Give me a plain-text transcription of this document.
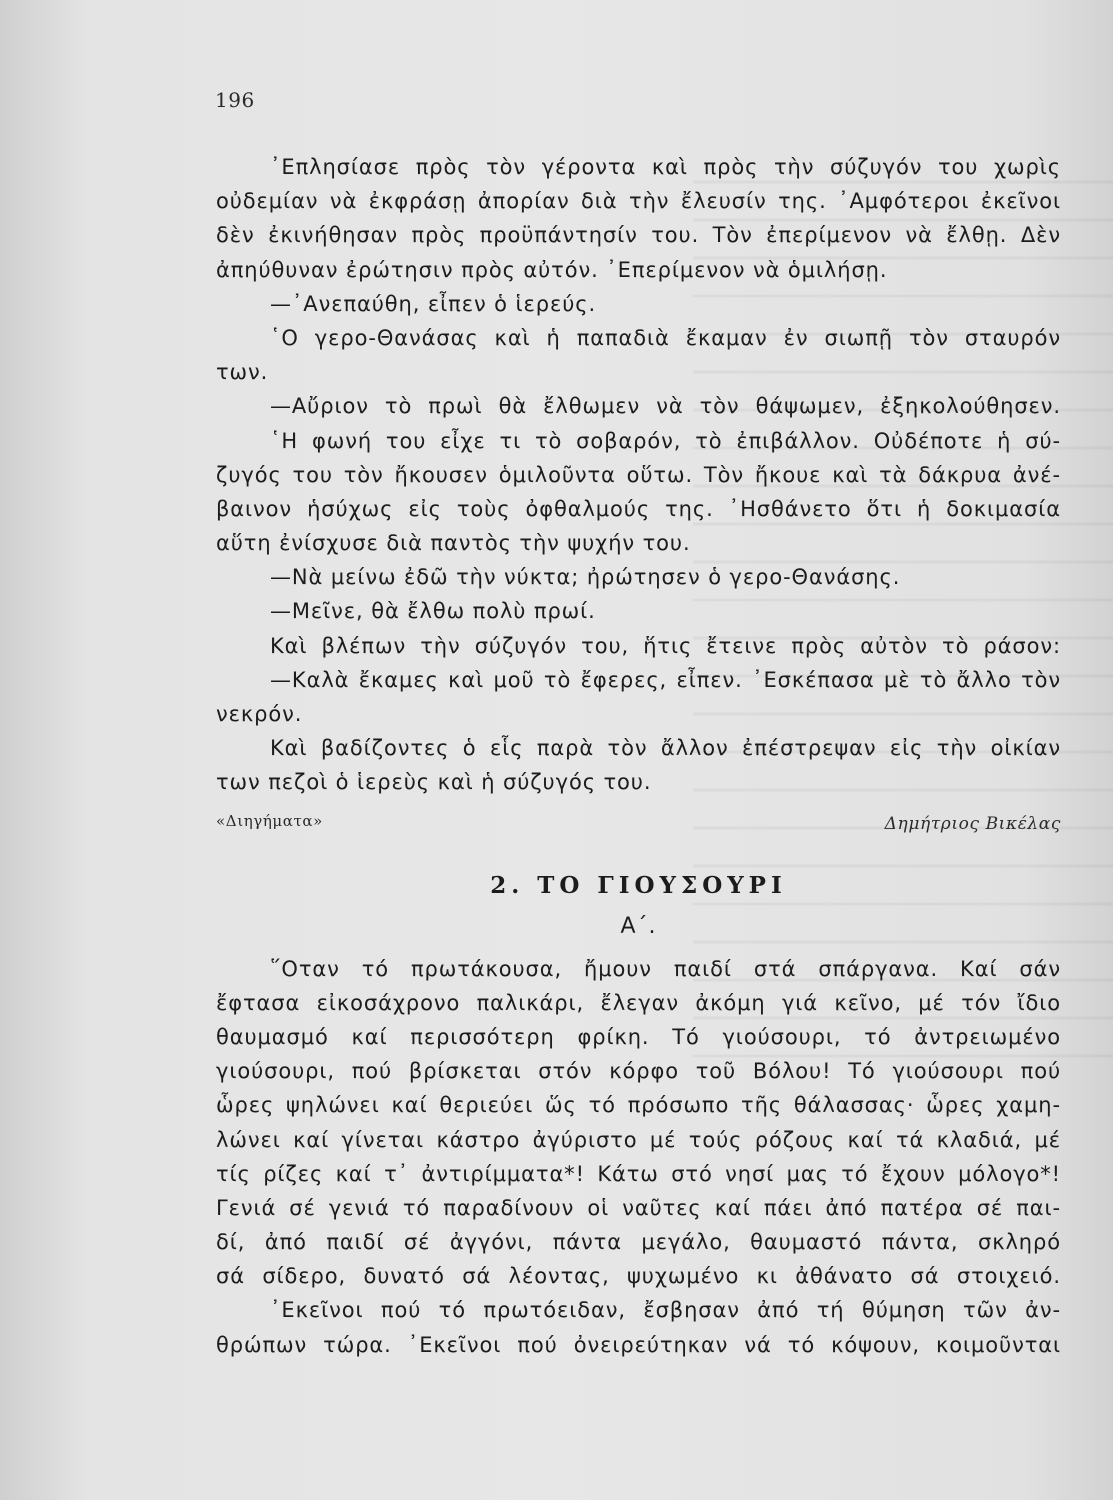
196
᾿Επλησίασε πρὸς τὸν γέροντα καὶ πρὸς τὴν σύζυγόν του χωρὶς
οὐδεμίαν νὰ ἐκφράσῃ ἀπορίαν διὰ τὴν ἔλευσίν της. ᾿Αμφότεροι ἐκεῖνοι
δὲν ἐκινήθησαν πρὸς προϋπάντησίν του. Τὸν ἐπερίμενον νὰ ἔλθῃ. Δὲν
ἀπηύθυναν ἐρώτησιν πρὸς αὐτόν. ᾿Επερίμενον νὰ ὁμιλήσῃ.
—᾿Ανεπαύθη, εἶπεν ὁ ἱερεύς.
῾Ο γερο-Θανάσας καὶ ἡ παπαδιὰ ἔκαμαν ἐν σιωπῇ τὸν σταυρόν
των.
—Αὔριον τὸ πρωὶ θὰ ἔλθωμεν νὰ τὸν θάψωμεν, ἐξηκολούθησεν.
῾Η φωνή του εἶχε τι τὸ σοβαρόν, τὸ ἐπιβάλλον. Οὐδέποτε ἡ σύ-
ζυγός του τὸν ἤκουσεν ὁμιλοῦντα οὕτω. Τὸν ἤκουε καὶ τὰ δάκρυα ἀνέ-
βαινον ἡσύχως εἰς τοὺς ὀφθαλμούς της. ᾿Ησθάνετο ὅτι ἡ δοκιμασία
αὕτη ἐνίσχυσε διὰ παντὸς τὴν ψυχήν του.
—Νὰ μείνω ἐδῶ τὴν νύκτα; ἠρώτησεν ὁ γερο-Θανάσης.
—Μεῖνε, θὰ ἔλθω πολὺ πρωί.
Καὶ βλέπων τὴν σύζυγόν του, ἥτις ἔτεινε πρὸς αὐτὸν τὸ ράσον:
—Καλὰ ἔκαμες καὶ μοῦ τὸ ἔφερες, εἶπεν. ᾿Εσκέπασα μὲ τὸ ἄλλο τὸν
νεκρόν.
Καὶ βαδίζοντες ὁ εἷς παρὰ τὸν ἄλλον ἐπέστρεψαν εἰς τὴν οἰκίαν
των πεζοὶ ὁ ἱερεὺς καὶ ἡ σύζυγός του.
«Διηγήματα»	Δημήτριος Βικέλας
2. ΤΟ ΓΙΟΥΣΟΥΡΙ
Α΄.
῞Οταν τό πρωτάκουσα, ἤμουν παιδί στά σπάργανα. Καί σάν
ἔφτασα εἰκοσάχρονο παλικάρι, ἔλεγαν ἀκόμη γιά κεῖνο, μέ τόν ἴδιο
θαυμασμό καί περισσότερη φρίκη. Τό γιούσουρι, τό ἀντρειωμένο
γιούσουρι, πού βρίσκεται στόν κόρφο τοῦ Βόλου! Τό γιούσουρι πού
ὧρες ψηλώνει καί θεριεύει ὥς τό πρόσωπο τῆς θάλασσας· ὧρες χαμη-
λώνει καί γίνεται κάστρο ἀγύριστο μέ τούς ρόζους καί τά κλαδιά, μέ
τίς ρίζες καί τ᾿ ἀντιρίμματα*! Κάτω στό νησί μας τό ἔχουν μόλογο*!
Γενιά σέ γενιά τό παραδίνουν οἱ ναῦτες καί πάει ἀπό πατέρα σέ παι-
δί, ἀπό παιδί σέ ἀγγόνι, πάντα μεγάλο, θαυμαστό πάντα, σκληρό
σά σίδερο, δυνατό σά λέοντας, ψυχωμένο κι ἀθάνατο σά στοιχειό.
᾿Εκεῖνοι πού τό πρωτόειδαν, ἔσβησαν ἀπό τή θύμηση τῶν ἀν-
θρώπων τώρα. ᾿Εκεῖνοι πού ὀνειρεύτηκαν νά τό κόψουν, κοιμοῦνται
